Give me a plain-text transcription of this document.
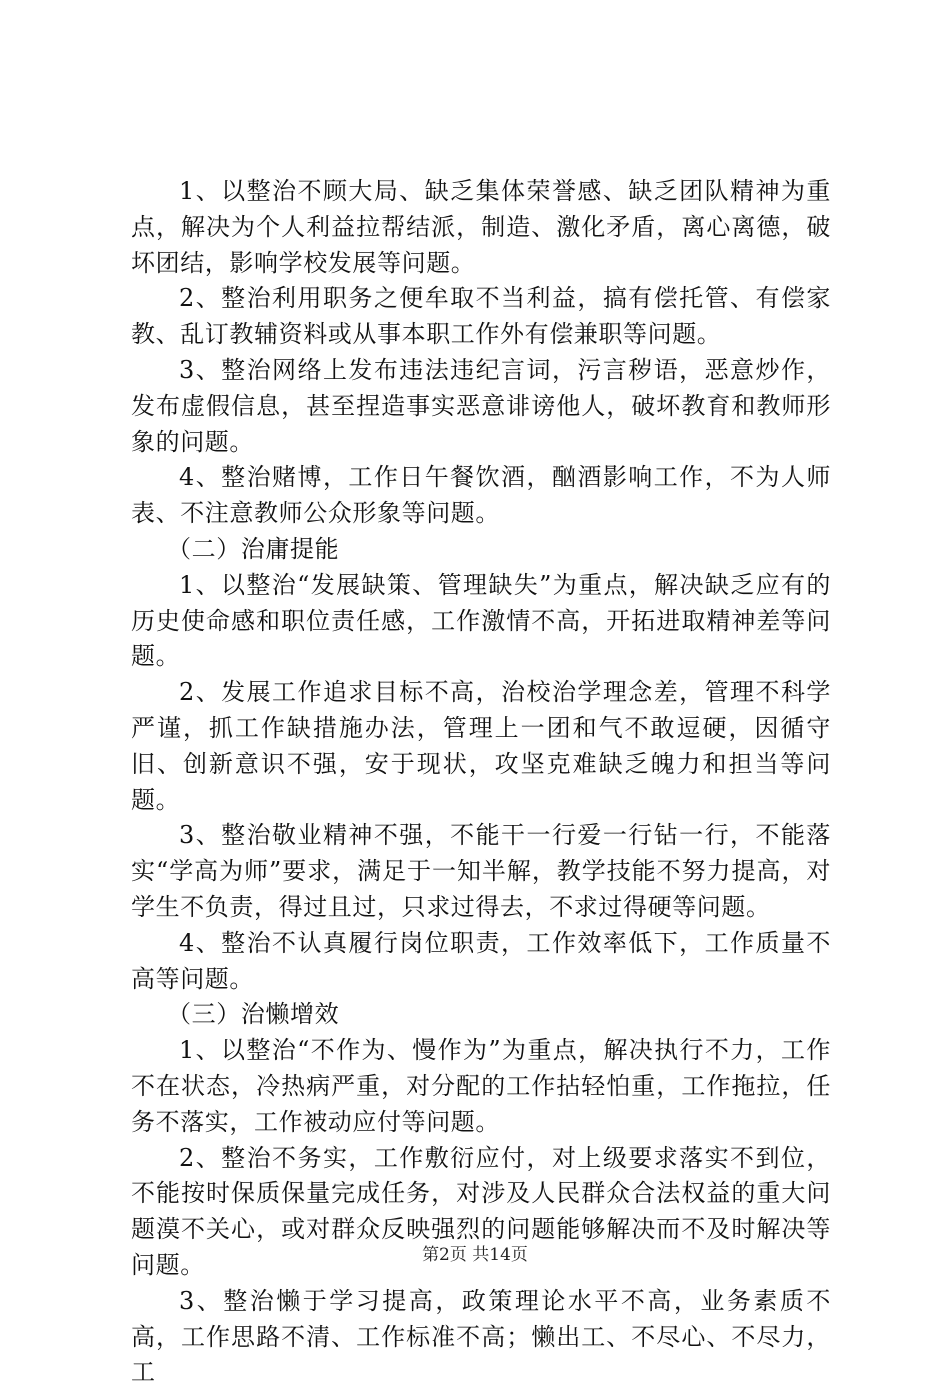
1、以整治不顾大局、缺乏集体荣誉感、缺乏团队精神为重点，解决为个人利益拉帮结派，制造、激化矛盾，离心离德，破坏团结，影响学校发展等问题。

2、整治利用职务之便牟取不当利益，搞有偿托管、有偿家教、乱订教辅资料或从事本职工作外有偿兼职等问题。

3、整治网络上发布违法违纪言词，污言秽语，恶意炒作，发布虚假信息，甚至捏造事实恶意诽谤他人，破坏教育和教师形象的问题。

4、整治赌博，工作日午餐饮酒，酗酒影响工作，不为人师表、不注意教师公众形象等问题。

（二）治庸提能

1、以整治“发展缺策、管理缺失”为重点，解决缺乏应有的历史使命感和职位责任感，工作激情不高，开拓进取精神差等问题。

2、发展工作追求目标不高，治校治学理念差，管理不科学严谨，抓工作缺措施办法，管理上一团和气不敢逗硬，因循守旧、创新意识不强，安于现状，攻坚克难缺乏魄力和担当等问题。

3、整治敬业精神不强，不能干一行爱一行钻一行，不能落实“学高为师”要求，满足于一知半解，教学技能不努力提高，对学生不负责，得过且过，只求过得去，不求过得硬等问题。

4、整治不认真履行岗位职责，工作效率低下，工作质量不高等问题。

（三）治懒增效

1、以整治“不作为、慢作为”为重点，解决执行不力，工作不在状态，冷热病严重，对分配的工作拈轻怕重，工作拖拉，任务不落实，工作被动应付等问题。

2、整治不务实，工作敷衍应付，对上级要求落实不到位，不能按时保质保量完成任务，对涉及人民群众合法权益的重大问题漠不关心，或对群众反映强烈的问题能够解决而不及时解决等问题。

3、整治懒于学习提高，政策理论水平不高，业务素质不高，工作思路不清、工作标准不高；懒出工、不尽心、不尽力，工

第2页 共14页
